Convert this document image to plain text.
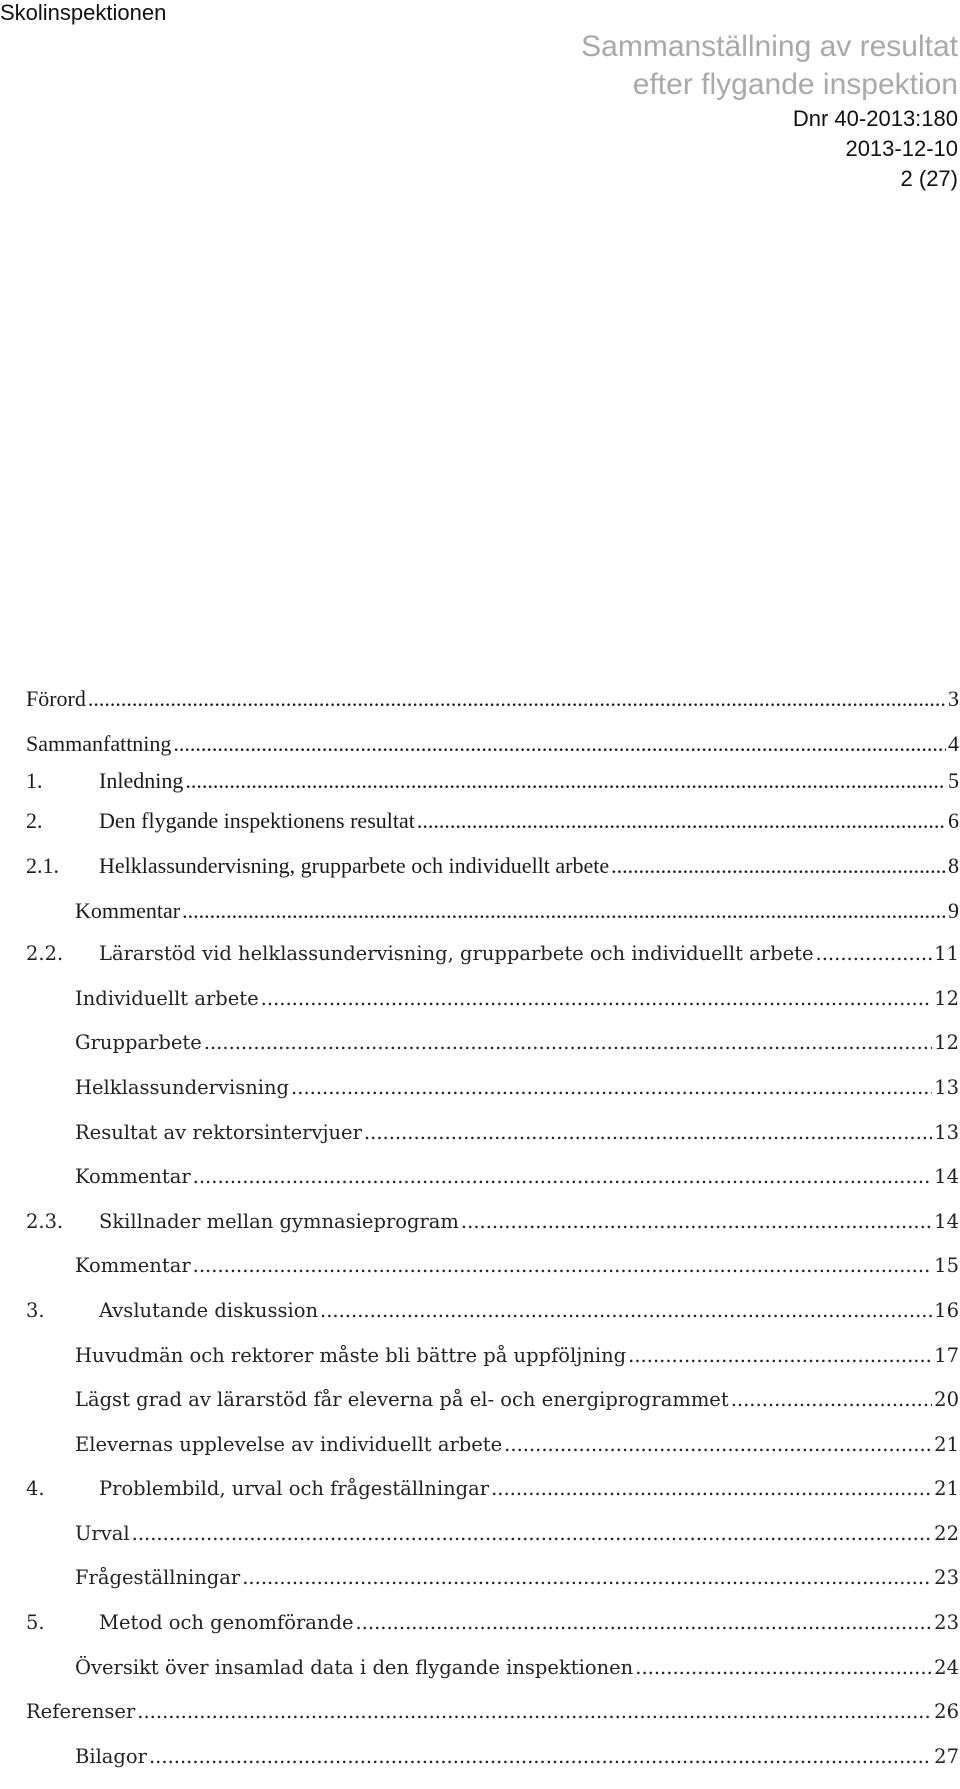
Skolinspektionen
Sammanställning av resultat
efter flygande inspektion
Dnr 40-2013:180
2013-12-10
2 (27)
Förord .....	3
Sammanfattning .....	4
1.	Inledning .....	5
2.	Den flygande inspektionens resultat .....	6
2.1.	Helklassundervisning, grupparbete och individuellt arbete .....	8
Kommentar .....	9
2.2.	Lärarstöd vid helklassundervisning, grupparbete och individuellt arbete .....	11
Individuellt arbete .....	12
Grupparbete .....	12
Helklassundervisning .....	13
Resultat av rektorsintervjuer .....	13
Kommentar .....	14
2.3.	Skillnader mellan gymnasieprogram .....	14
Kommentar .....	15
3.	Avslutande diskussion .....	16
Huvudmän och rektorer måste bli bättre på uppföljning .....	17
Lägst grad av lärarstöd får eleverna på el- och energiprogrammet .....	20
Elevernas upplevelse av individuellt arbete .....	21
4.	Problembild, urval och frågeställningar .....	21
Urval .....	22
Frågeställningar .....	23
5.	Metod och genomförande .....	23
Översikt över insamlad data i den flygande inspektionen .....	24
Referenser .....	26
Bilagor .....	27
